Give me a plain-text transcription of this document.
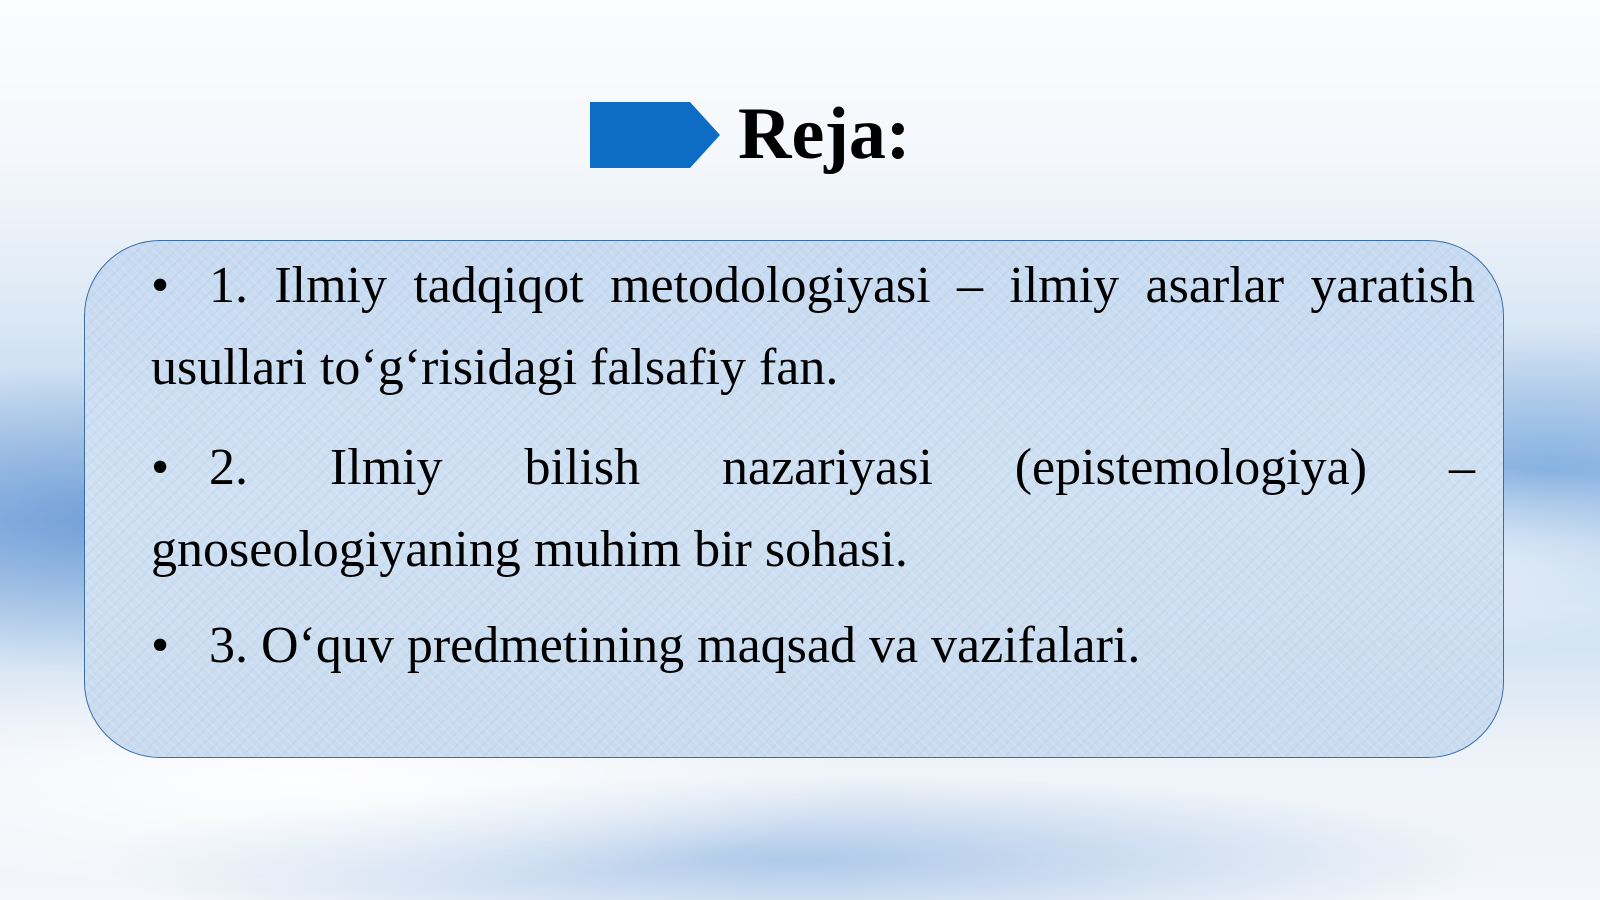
Reja:
• 1. Ilmiy tadqiqot metodologiyasi – ilmiy asarlar yaratish usullari to‘g‘risidagi falsafiy fan.
• 2. Ilmiy bilish nazariyasi (epistemologiya) – gnoseologiyaning muhim bir sohasi.
• 3. O‘quv predmetining maqsad va vazifalari.
